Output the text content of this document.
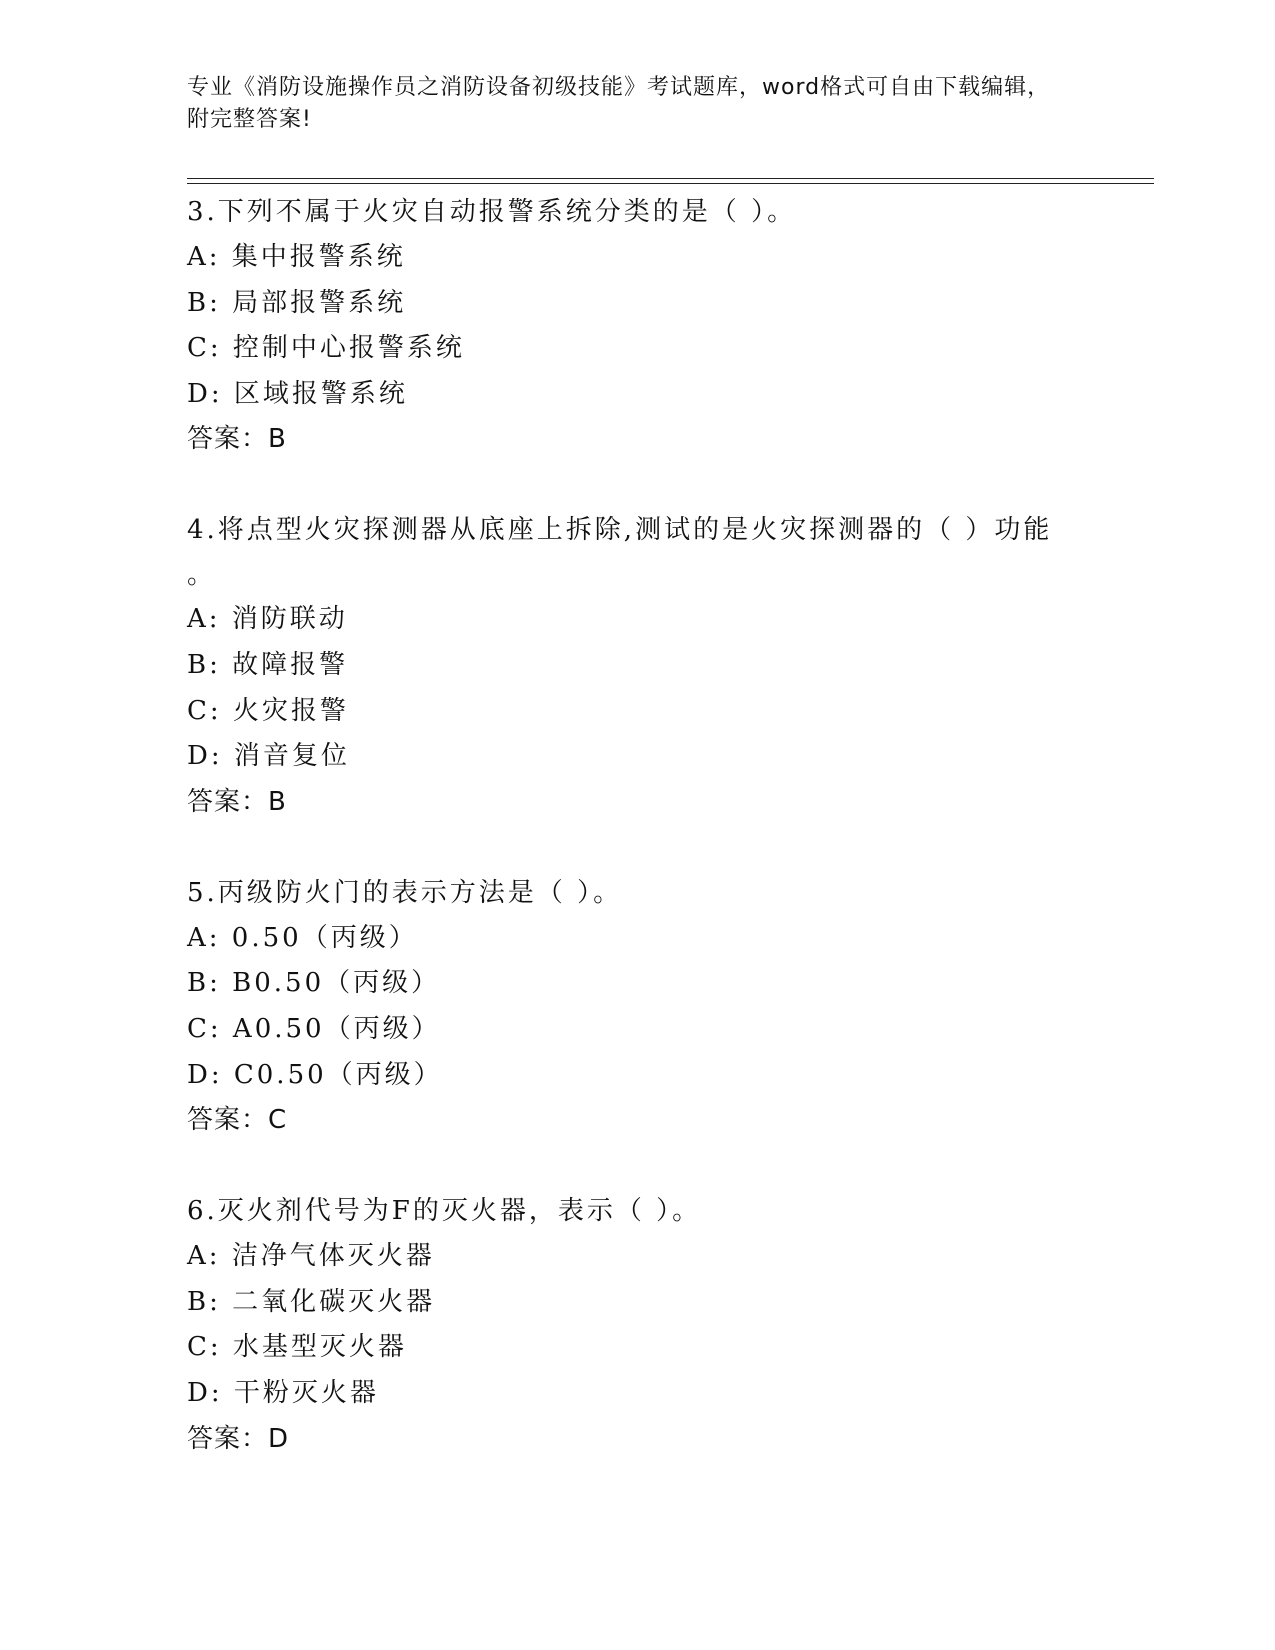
专业《消防设施操作员之消防设备初级技能》考试题库，word格式可自由下载编辑，附完整答案!
3.下列不属于火灾自动报警系统分类的是（ ）。
A: 集中报警系统
B: 局部报警系统
C: 控制中心报警系统
D: 区域报警系统
答案：B
4.将点型火灾探测器从底座上拆除,测试的是火灾探测器的（ ）功能
。
A: 消防联动
B: 故障报警
C: 火灾报警
D: 消音复位
答案：B
5.丙级防火门的表示方法是（ ）。
A: 0.50（丙级）
B: B0.50（丙级）
C: A0.50（丙级）
D: C0.50（丙级）
答案：C
6.灭火剂代号为F的灭火器，表示（ ）。
A: 洁净气体灭火器
B: 二氧化碳灭火器
C: 水基型灭火器
D: 干粉灭火器
答案：D
